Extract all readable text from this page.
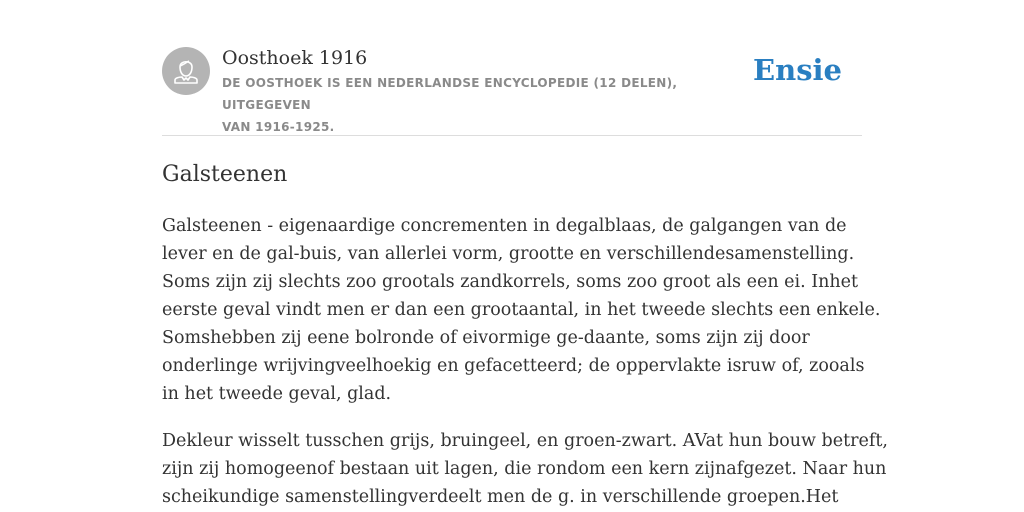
Oosthoek 1916
DE OOSTHOEK IS EEN NEDERLANDSE ENCYCLOPEDIE (12 DELEN), UITGEGEVEN
VAN 1916-1925.
Ensie
Galsteenen
Galsteenen - eigenaardige concrementen in degalblaas, de galgangen van de
lever en de gal-buis, van allerlei vorm, grootte en verschillendesamenstelling.
Soms zijn zij slechts zoo grootals zandkorrels, soms zoo groot als een ei. Inhet
eerste geval vindt men er dan een grootaantal, in het tweede slechts een enkele.
Somshebben zij eene bolronde of eivormige ge-daante, soms zijn zij door
onderlinge wrijvingveelhoekig en gefacetteerd; de oppervlakte isruw of, zooals
in het tweede geval, glad.
Dekleur wisselt tusschen grijs, bruingeel, en groen-zwart. AVat hun bouw betreft,
zijn zij homogeenof bestaan uit lagen, die rondom een kern zijnafgezet. Naar hun
scheikundige samenstellingverdeelt men de g. in verschillende groepen.Het
